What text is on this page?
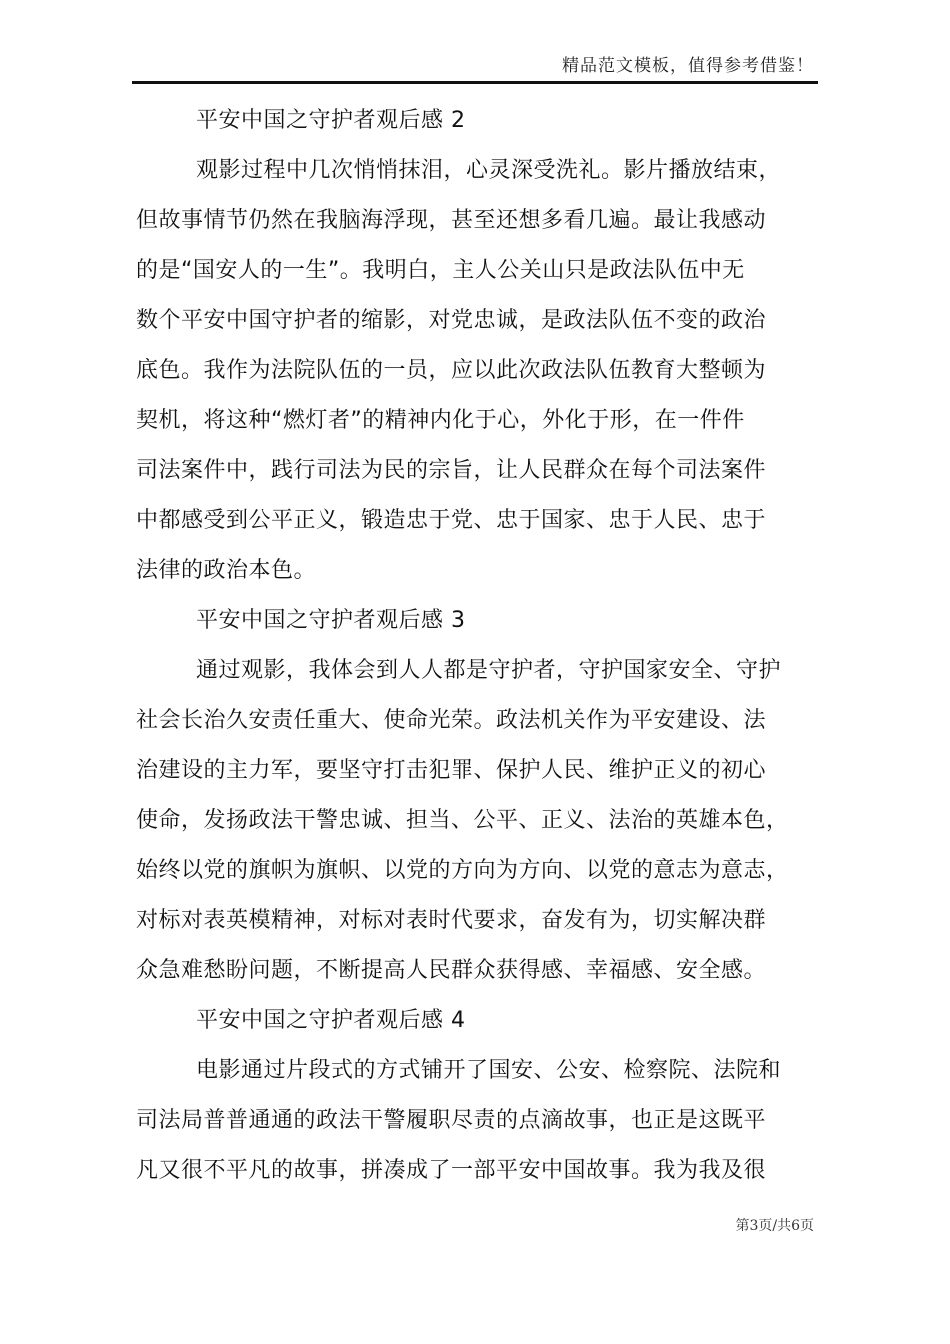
精品范文模板，值得参考借鉴！
平安中国之守护者观后感 2
观影过程中几次悄悄抹泪，心灵深受洗礼。影片播放结束，
但故事情节仍然在我脑海浮现，甚至还想多看几遍。最让我感动
的是“国安人的一生”。我明白，主人公关山只是政法队伍中无
数个平安中国守护者的缩影，对党忠诚，是政法队伍不变的政治
底色。我作为法院队伍的一员，应以此次政法队伍教育大整顿为
契机，将这种“燃灯者”的精神内化于心，外化于形，在一件件
司法案件中，践行司法为民的宗旨，让人民群众在每个司法案件
中都感受到公平正义，锻造忠于党、忠于国家、忠于人民、忠于
法律的政治本色。
平安中国之守护者观后感 3
通过观影，我体会到人人都是守护者，守护国家安全、守护
社会长治久安责任重大、使命光荣。政法机关作为平安建设、法
治建设的主力军，要坚守打击犯罪、保护人民、维护正义的初心
使命，发扬政法干警忠诚、担当、公平、正义、法治的英雄本色，
始终以党的旗帜为旗帜、以党的方向为方向、以党的意志为意志，
对标对表英模精神，对标对表时代要求，奋发有为，切实解决群
众急难愁盼问题，不断提高人民群众获得感、幸福感、安全感。
平安中国之守护者观后感 4
电影通过片段式的方式铺开了国安、公安、检察院、法院和
司法局普普通通的政法干警履职尽责的点滴故事，也正是这既平
凡又很不平凡的故事，拼凑成了一部平安中国故事。我为我及很
第3页/共6页
